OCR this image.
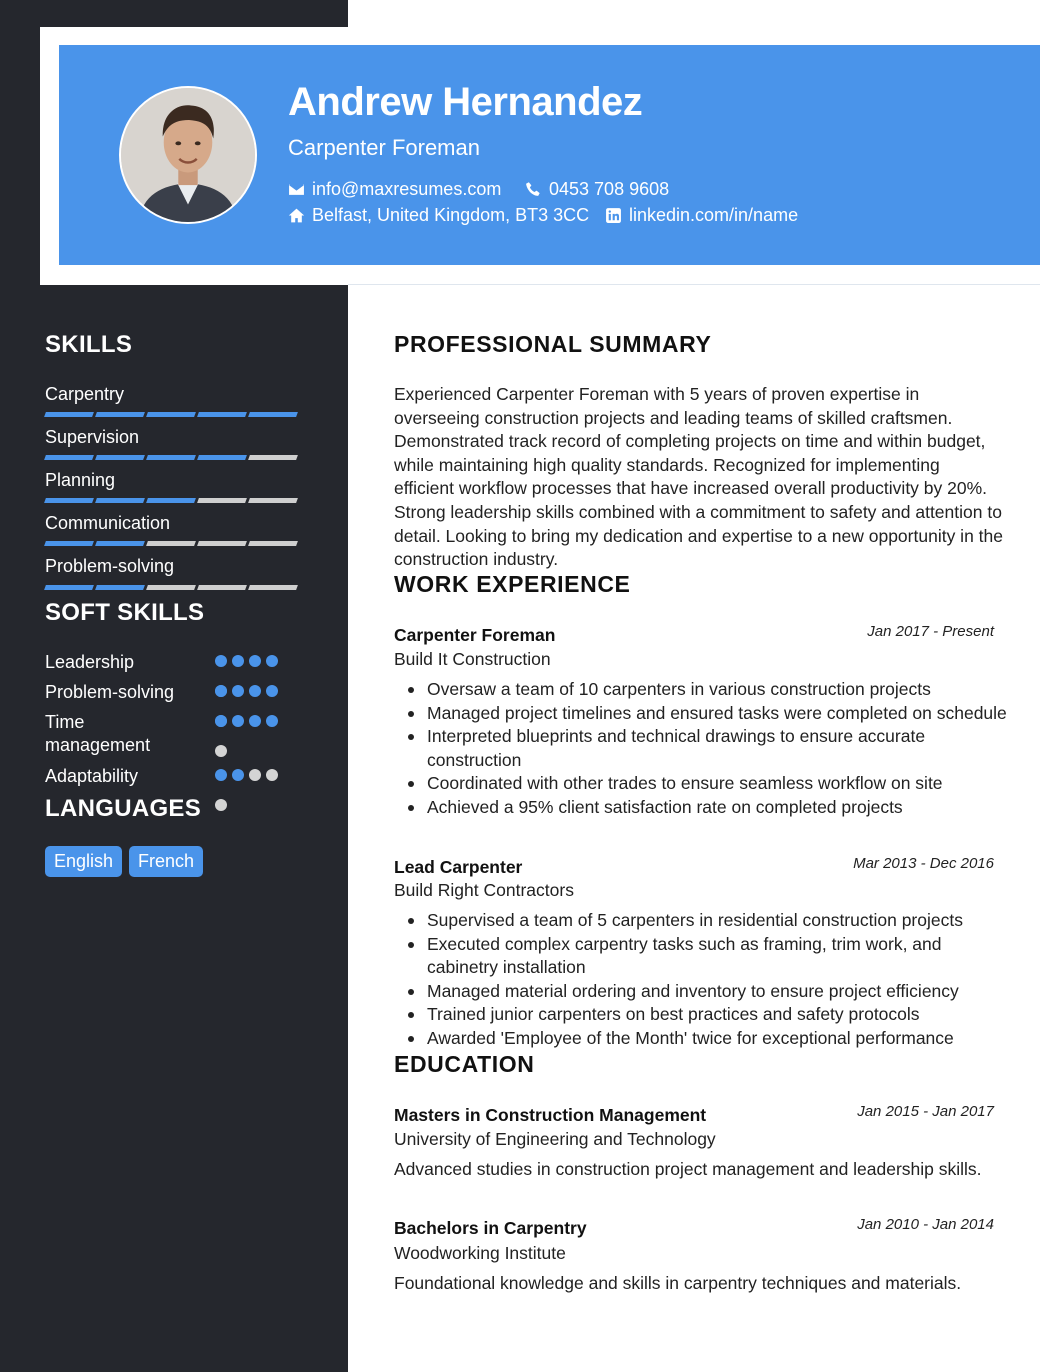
Andrew Hernandez
Carpenter Foreman
info@maxresumes.com	0453 708 9608
Belfast, United Kingdom, BT3 3CC linkedin.com/in/name
SKILLS
Carpentry
Supervision
Planning
Communication
Problem-solving
SOFT SKILLS
Leadership
Problem-solving
Time management
Adaptability
LANGUAGES
English	French
PROFESSIONAL SUMMARY
Experienced Carpenter Foreman with 5 years of proven expertise in overseeing construction projects and leading teams of skilled craftsmen. Demonstrated track record of completing projects on time and within budget, while maintaining high quality standards. Recognized for implementing efficient workflow processes that have increased overall productivity by 20%. Strong leadership skills combined with a commitment to safety and attention to detail. Looking to bring my dedication and expertise to a new opportunity in the construction industry.
WORK EXPERIENCE
Carpenter Foreman	Jan 2017 - Present
Build It Construction
Oversaw a team of 10 carpenters in various construction projects
Managed project timelines and ensured tasks were completed on schedule
Interpreted blueprints and technical drawings to ensure accurate construction
Coordinated with other trades to ensure seamless workflow on site
Achieved a 95% client satisfaction rate on completed projects
Lead Carpenter	Mar 2013 - Dec 2016
Build Right Contractors
Supervised a team of 5 carpenters in residential construction projects
Executed complex carpentry tasks such as framing, trim work, and cabinetry installation
Managed material ordering and inventory to ensure project efficiency
Trained junior carpenters on best practices and safety protocols
Awarded 'Employee of the Month' twice for exceptional performance
EDUCATION
Masters in Construction Management	Jan 2015 - Jan 2017
University of Engineering and Technology
Advanced studies in construction project management and leadership skills.
Bachelors in Carpentry	Jan 2010 - Jan 2014
Woodworking Institute
Foundational knowledge and skills in carpentry techniques and materials.
